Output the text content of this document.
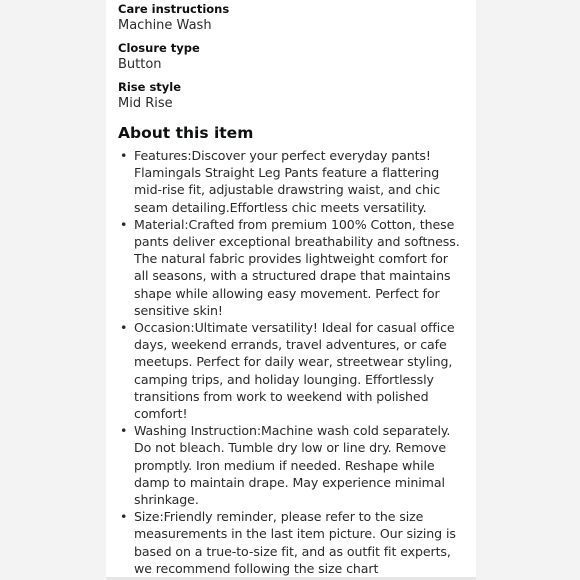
Care instructions

Machine Wash

Closure type

Button

Rise style

Mid Rise

About this item
• Features:Discover your perfect everyday pants! Flamingals Straight Leg Pants feature a flattering mid-rise fit, adjustable drawstring waist, and chic seam detailing.Effortless chic meets versatility.
• Material:Crafted from premium 100% Cotton, these pants deliver exceptional breathability and softness. The natural fabric provides lightweight comfort for all seasons, with a structured drape that maintains shape while allowing easy movement. Perfect for sensitive skin!
• Occasion:Ultimate versatility! Ideal for casual office days, weekend errands, travel adventures, or cafe meetups. Perfect for daily wear, streetwear styling, camping trips, and holiday lounging. Effortlessly transitions from work to weekend with polished comfort!
• Washing Instruction:Machine wash cold separately. Do not bleach. Tumble dry low or line dry. Remove promptly. Iron medium if needed. Reshape while damp to maintain drape. May experience minimal shrinkage.
• Size:Friendly reminder, please refer to the size measurements in the last item picture. Our sizing is based on a true-to-size fit, and as outfit fit experts, we recommend following the size chart
